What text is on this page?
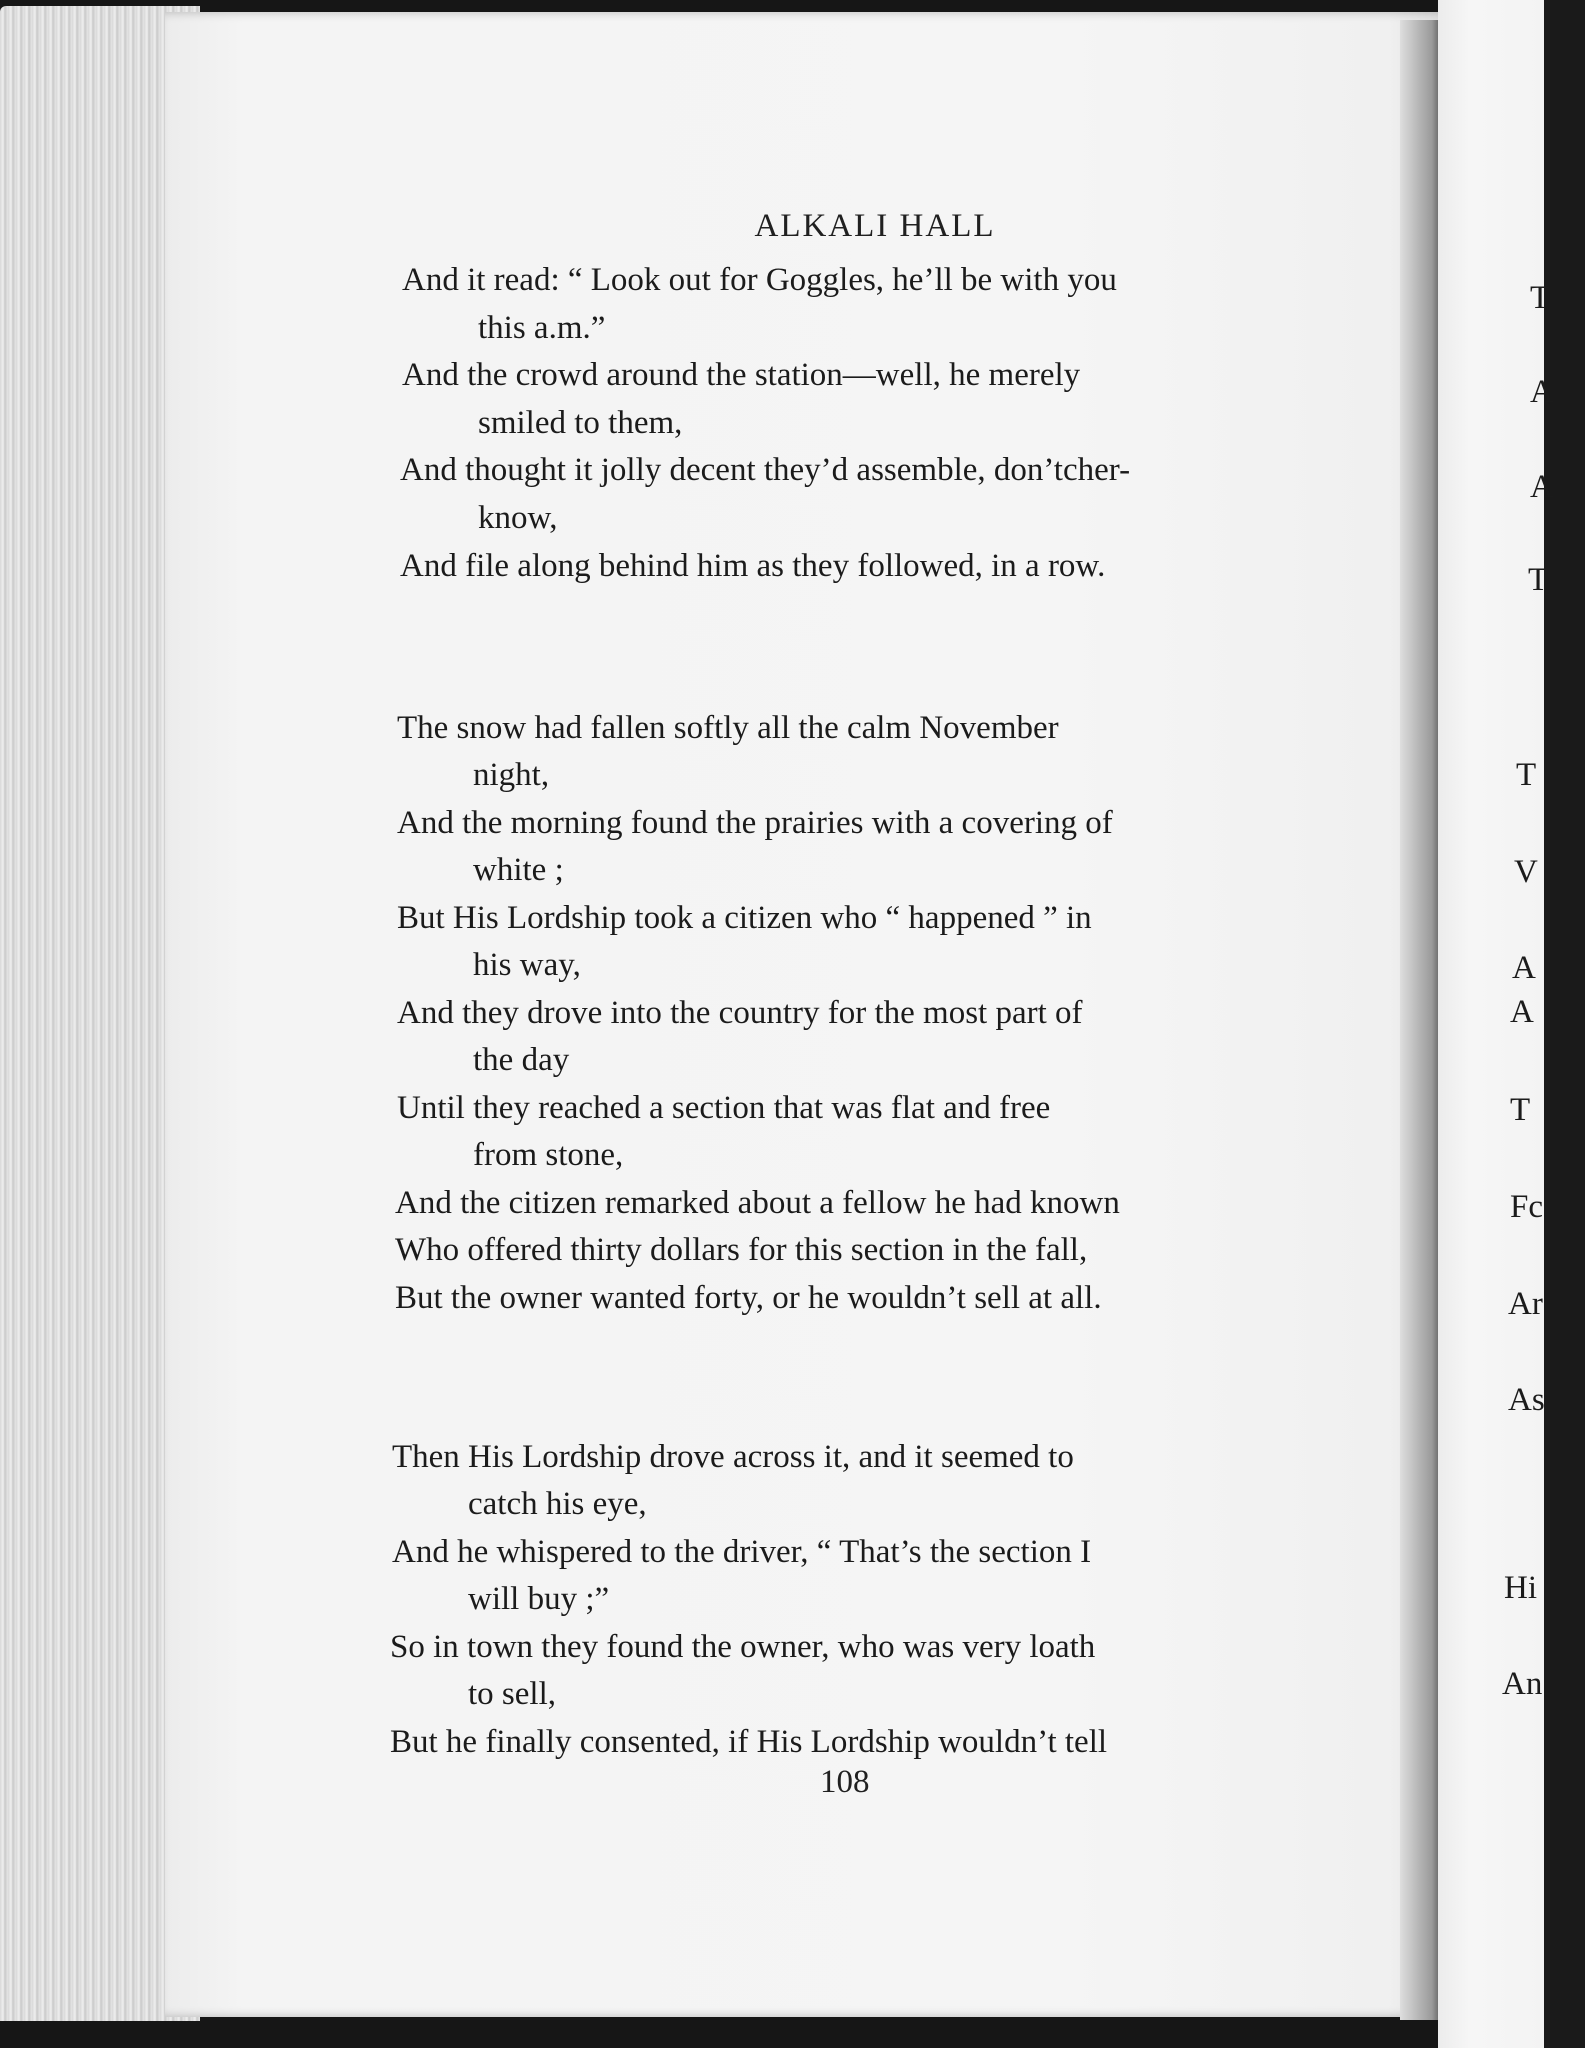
ALKALI HALL
And it read: “ Look out for Goggles, he’ll be with you
this a.m.”
And the crowd around the station—well, he merely
smiled to them,
And thought it jolly decent they’d assemble, don’tcher-
know,
And file along behind him as they followed, in a row.
The snow had fallen softly all the calm November
night,
And the morning found the prairies with a covering of
white ;
But His Lordship took a citizen who “ happened ” in
his way,
And they drove into the country for the most part of
the day
Until they reached a section that was flat and free
from stone,
And the citizen remarked about a fellow he had known
Who offered thirty dollars for this section in the fall,
But the owner wanted forty, or he wouldn’t sell at all.
Then His Lordship drove across it, and it seemed to
catch his eye,
And he whispered to the driver, “ That’s the section I
will buy ;”
So in town they found the owner, who was very loath
to sell,
But he finally consented, if His Lordship wouldn’t tell
108
T
A
A
T
T
V
A
A
T
Fc
Ar
As
Hi
An
